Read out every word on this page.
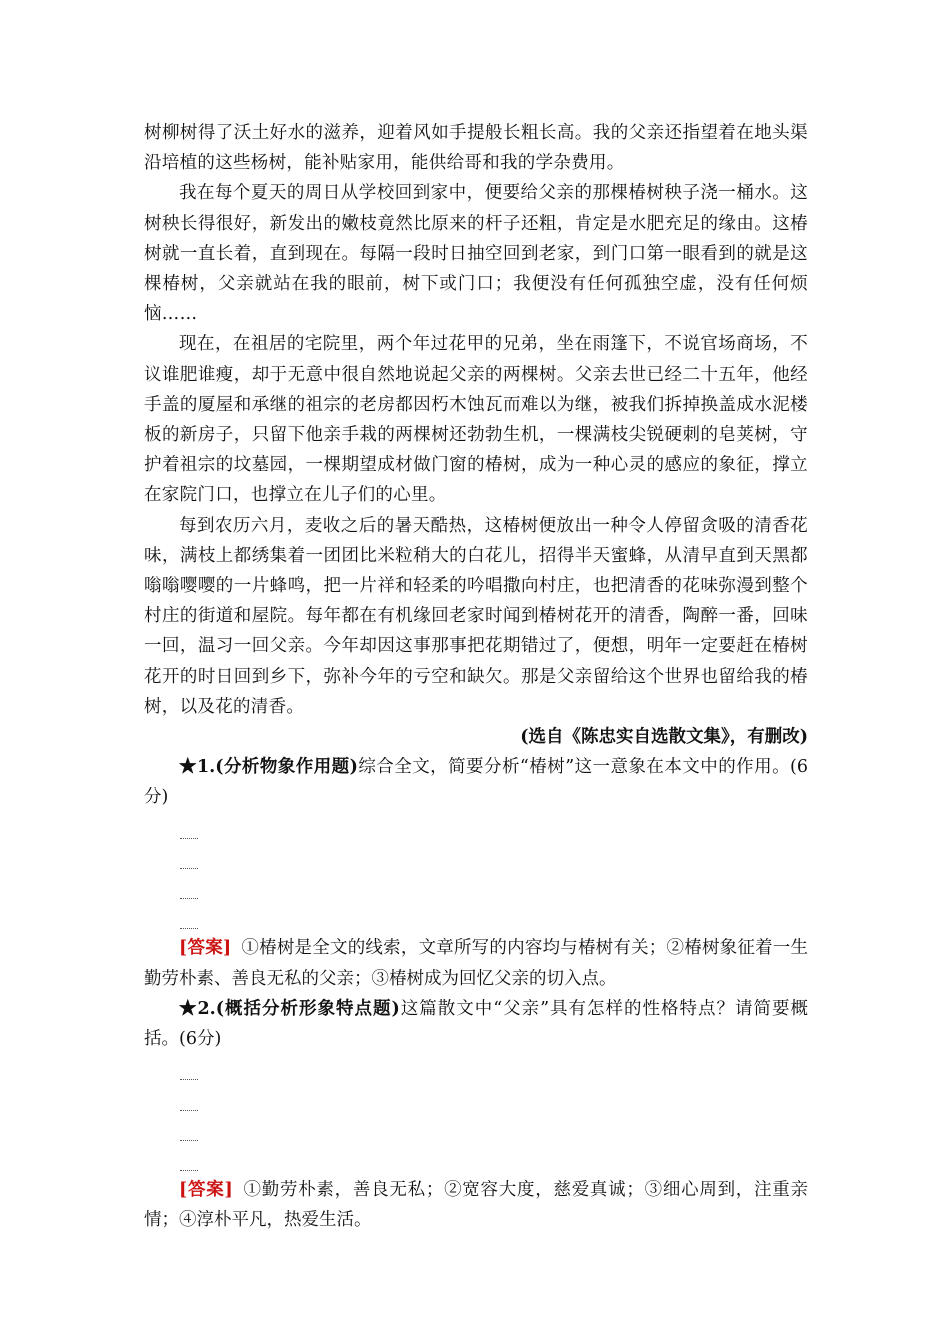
树柳树得了沃土好水的滋养，迎着风如手提般长粗长高。我的父亲还指望着在地头渠沿培植的这些杨树，能补贴家用，能供给哥和我的学杂费用。

我在每个夏天的周日从学校回到家中，便要给父亲的那棵椿树秧子浇一桶水。这树秧长得很好，新发出的嫩枝竟然比原来的杆子还粗，肯定是水肥充足的缘由。这椿树就一直长着，直到现在。每隔一段时日抽空回到老家，到门口第一眼看到的就是这棵椿树，父亲就站在我的眼前，树下或门口；我便没有任何孤独空虚，没有任何烦恼……

现在，在祖居的宅院里，两个年过花甲的兄弟，坐在雨篷下，不说官场商场，不议谁肥谁瘦，却于无意中很自然地说起父亲的两棵树。父亲去世已经二十五年，他经手盖的厦屋和承继的祖宗的老房都因朽木蚀瓦而难以为继，被我们拆掉换盖成水泥楼板的新房子，只留下他亲手栽的两棵树还勃勃生机，一棵满枝尖锐硬刺的皂荚树，守护着祖宗的坟墓园，一棵期望成材做门窗的椿树，成为一种心灵的感应的象征，撑立在家院门口，也撑立在儿子们的心里。

每到农历六月，麦收之后的暑天酷热，这椿树便放出一种令人停留贪吸的清香花味，满枝上都绣集着一团团比米粒稍大的白花儿，招得半天蜜蜂，从清早直到天黑都嗡嗡嘤嘤的一片蜂鸣，把一片祥和轻柔的吟唱撒向村庄，也把清香的花味弥漫到整个村庄的街道和屋院。每年都在有机缘回老家时闻到椿树花开的清香，陶醉一番，回味一回，温习一回父亲。今年却因这事那事把花期错过了，便想，明年一定要赶在椿树花开的时日回到乡下，弥补今年的亏空和缺欠。那是父亲留给这个世界也留给我的椿树，以及花的清香。

(选自《陈忠实自选散文集》，有删改)

★1.(分析物象作用题)综合全文，简要分析“椿树”这一意象在本文中的作用。(6分)

[答案] ①椿树是全文的线索，文章所写的内容均与椿树有关；②椿树象征着一生勤劳朴素、善良无私的父亲；③椿树成为回忆父亲的切入点。

★2.(概括分析形象特点题)这篇散文中“父亲”具有怎样的性格特点？请简要概括。(6分)

[答案] ①勤劳朴素，善良无私；②宽容大度，慈爱真诚；③细心周到，注重亲情；④淳朴平凡，热爱生活。
